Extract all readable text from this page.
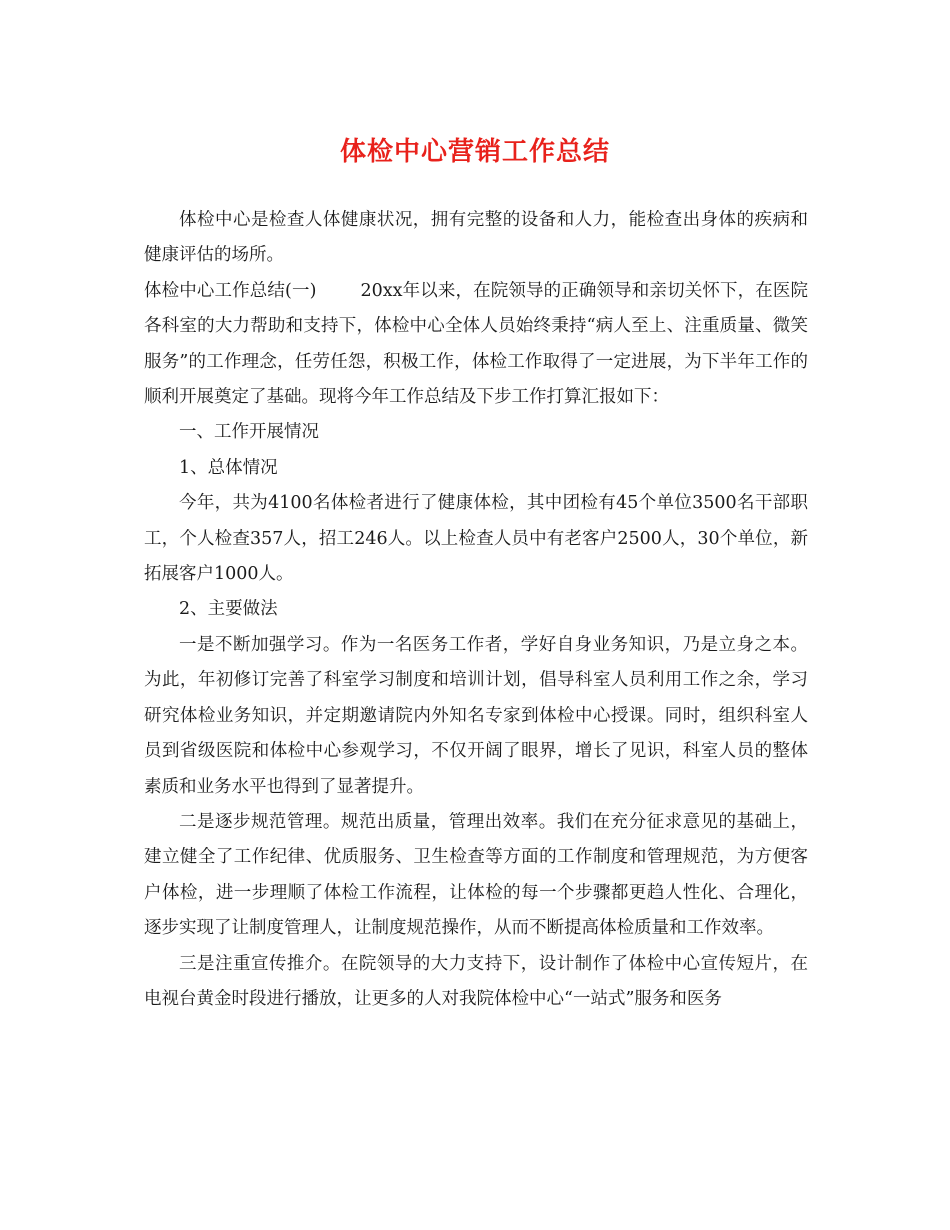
体检中心营销工作总结

体检中心是检查人体健康状况，拥有完整的设备和人力，能检查出身体的疾病和健康评估的场所。

体检中心工作总结(一)	20xx年以来，在院领导的正确领导和亲切关怀下，在医院各科室的大力帮助和支持下，体检中心全体人员始终秉持“病人至上、注重质量、微笑服务”的工作理念，任劳任怨，积极工作，体检工作取得了一定进展，为下半年工作的顺利开展奠定了基础。现将今年工作总结及下步工作打算汇报如下：

一、工作开展情况

1、总体情况

今年，共为4100名体检者进行了健康体检，其中团检有45个单位3500名干部职工，个人检查357人，招工246人。以上检查人员中有老客户2500人，30个单位，新拓展客户1000人。

2、主要做法

一是不断加强学习。作为一名医务工作者，学好自身业务知识，乃是立身之本。为此，年初修订完善了科室学习制度和培训计划，倡导科室人员利用工作之余，学习研究体检业务知识，并定期邀请院内外知名专家到体检中心授课。同时，组织科室人员到省级医院和体检中心参观学习，不仅开阔了眼界，增长了见识，科室人员的整体素质和业务水平也得到了显著提升。

二是逐步规范管理。规范出质量，管理出效率。我们在充分征求意见的基础上，建立健全了工作纪律、优质服务、卫生检查等方面的工作制度和管理规范，为方便客户体检，进一步理顺了体检工作流程，让体检的每一个步骤都更趋人性化、合理化，逐步实现了让制度管理人，让制度规范操作，从而不断提高体检质量和工作效率。

三是注重宣传推介。在院领导的大力支持下，设计制作了体检中心宣传短片，在电视台黄金时段进行播放，让更多的人对我院体检中心“一站式”服务和医务
